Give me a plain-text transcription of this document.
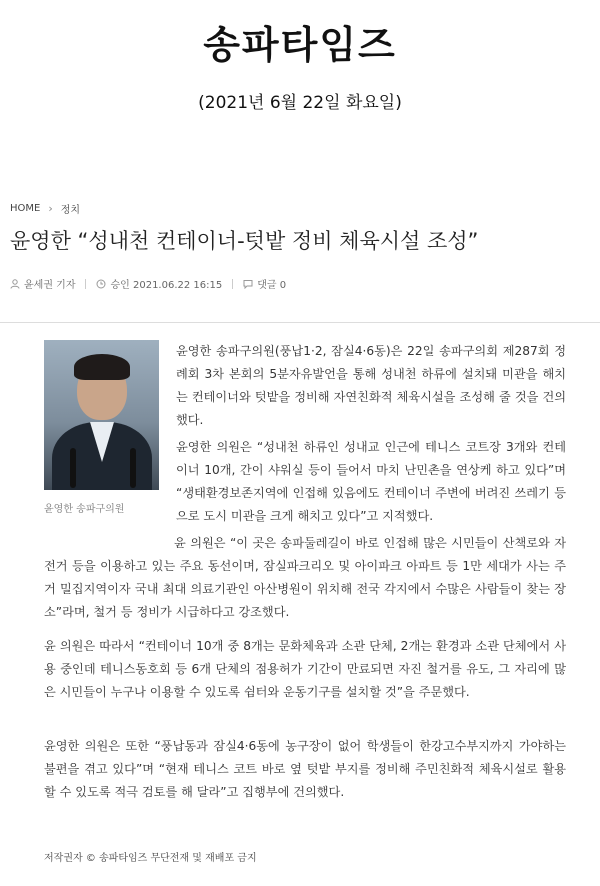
송파타임즈
(2021년 6월 22일 화요일)
HOME › 정치
윤영한 “성내천 컨테이너-텃밭 정비 체육시설 조성”
윤세권 기자	승인 2021.06.22 16:15	댓글 0
윤영한 송파구의원

윤영한 송파구의원(풍납1·2, 잠실4·6동)은 22일 송파구의회 제287회 정례회 3차 본회의 5분자유발언을 통해 성내천 하류에 설치돼 미관을 해치는 컨테이너와 텃밭을 정비해 자연친화적 체육시설을 조성해 줄 것을 건의했다.

윤영한 의원은 “성내천 하류인 성내교 인근에 테니스 코트장 3개와 컨테이너 10개, 간이 샤워실 등이 들어서 마치 난민촌을 연상케 하고 있다”며 “생태환경보존지역에 인접해 있음에도 컨테이너 주변에 버려진 쓰레기 등으로 도시 미관을 크게 해치고 있다”고 지적했다.

윤 의원은 “이 곳은 송파둘레길이 바로 인접해 많은 시민들이 산책로와 자전거 등을 이용하고 있는 주요 동선이며, 잠실파크리오 및 아이파크 아파트 등 1만 세대가 사는 주거 밀집지역이자 국내 최대 의료기관인 아산병원이 위치해 전국 각지에서 수많은 사람들이 찾는 장소”라며, 철거 등 정비가 시급하다고 강조했다.

윤 의원은 따라서 “컨테이너 10개 중 8개는 문화체육과 소관 단체, 2개는 환경과 소관 단체에서 사용 중인데 테니스동호회 등 6개 단체의 점용허가 기간이 만료되면 자진 철거를 유도, 그 자리에 많은 시민들이 누구나 이용할 수 있도록 쉼터와 운동기구를 설치할 것”을 주문했다.

윤영한 의원은 또한 “풍납동과 잠실4·6동에 농구장이 없어 학생들이 한강고수부지까지 가야하는 불편을 겪고 있다”며 “현재 테니스 코트 바로 옆 텃밭 부지를 정비해 주민친화적 체육시설로 활용할 수 있도록 적극 검토를 해 달라”고 집행부에 건의했다.

저작권자 © 송파타임즈 무단전재 및 재배포 금지
